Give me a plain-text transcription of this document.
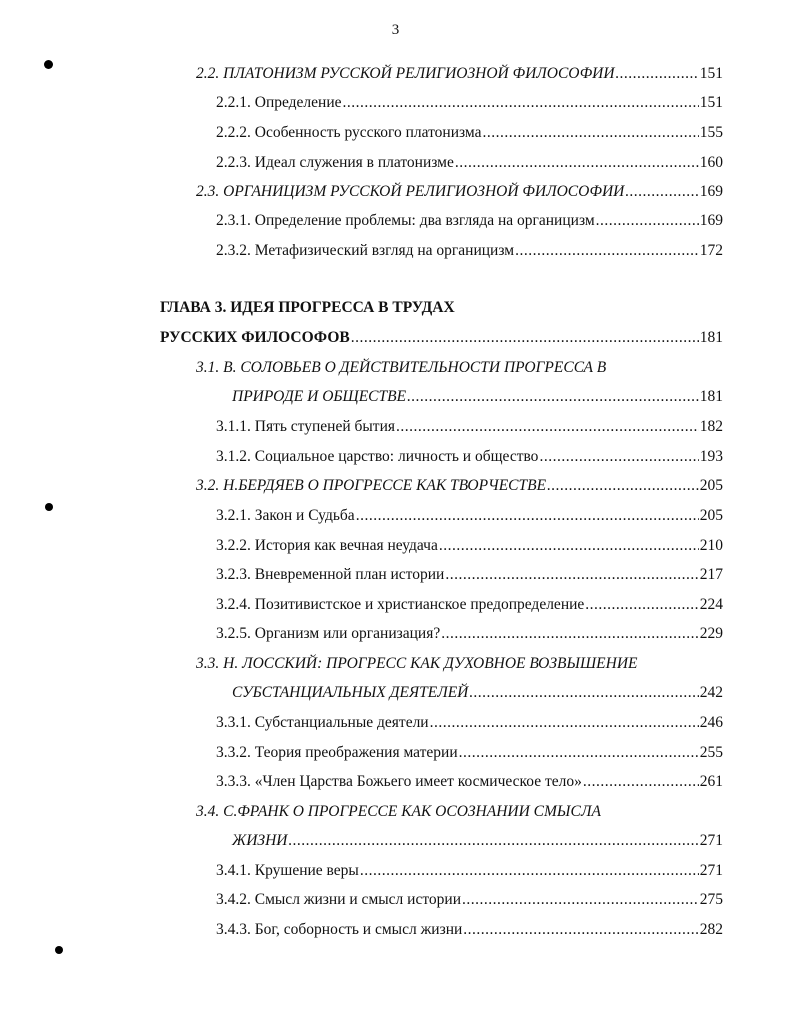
3
2.2. ПЛАТОНИЗМ РУССКОЙ РЕЛИГИОЗНОЙ ФИЛОСОФИИ .....	151
2.2.1. Определение .....	151
2.2.2. Особенность русского платонизма .....	155
2.2.3. Идеал служения в платонизме .....	160
2.3. ОРГАНИЦИЗМ РУССКОЙ РЕЛИГИОЗНОЙ ФИЛОСОФИИ .....	169
2.3.1. Определение проблемы: два взгляда на органицизм .....	169
2.3.2. Метафизический взгляд на органицизм .....	172
ГЛАВА 3. ИДЕЯ ПРОГРЕССА В ТРУДАХ
РУССКИХ ФИЛОСОФОВ .....	181
3.1. В. СОЛОВЬЕВ О ДЕЙСТВИТЕЛЬНОСТИ ПРОГРЕССА В
ПРИРОДЕ И ОБЩЕСТВЕ .....	181
3.1.1. Пять ступеней бытия .....	182
3.1.2. Социальное царство: личность и общество .....	193
3.2. Н.БЕРДЯЕВ О ПРОГРЕССЕ КАК ТВОРЧЕСТВЕ .....	205
3.2.1. Закон и Судьба .....	205
3.2.2. История как вечная неудача .....	210
3.2.3. Вневременной план истории .....	217
3.2.4. Позитивистское и христианское предопределение .....	224
3.2.5. Организм или организация? .....	229
3.3. Н. ЛОССКИЙ: ПРОГРЕСС КАК ДУХОВНОЕ ВОЗВЫШЕНИЕ
СУБСТАНЦИАЛЬНЫХ ДЕЯТЕЛЕЙ .....	242
3.3.1. Субстанциальные деятели .....	246
3.3.2. Теория преображения материи .....	255
3.3.3. «Член Царства Божьего имеет космическое тело» .....	261
3.4. С.ФРАНК О ПРОГРЕССЕ КАК ОСОЗНАНИИ СМЫСЛА
ЖИЗНИ .....	271
3.4.1. Крушение веры .....	271
3.4.2. Смысл жизни и смысл истории .....	275
3.4.3. Бог, соборность и смысл жизни .....	282
